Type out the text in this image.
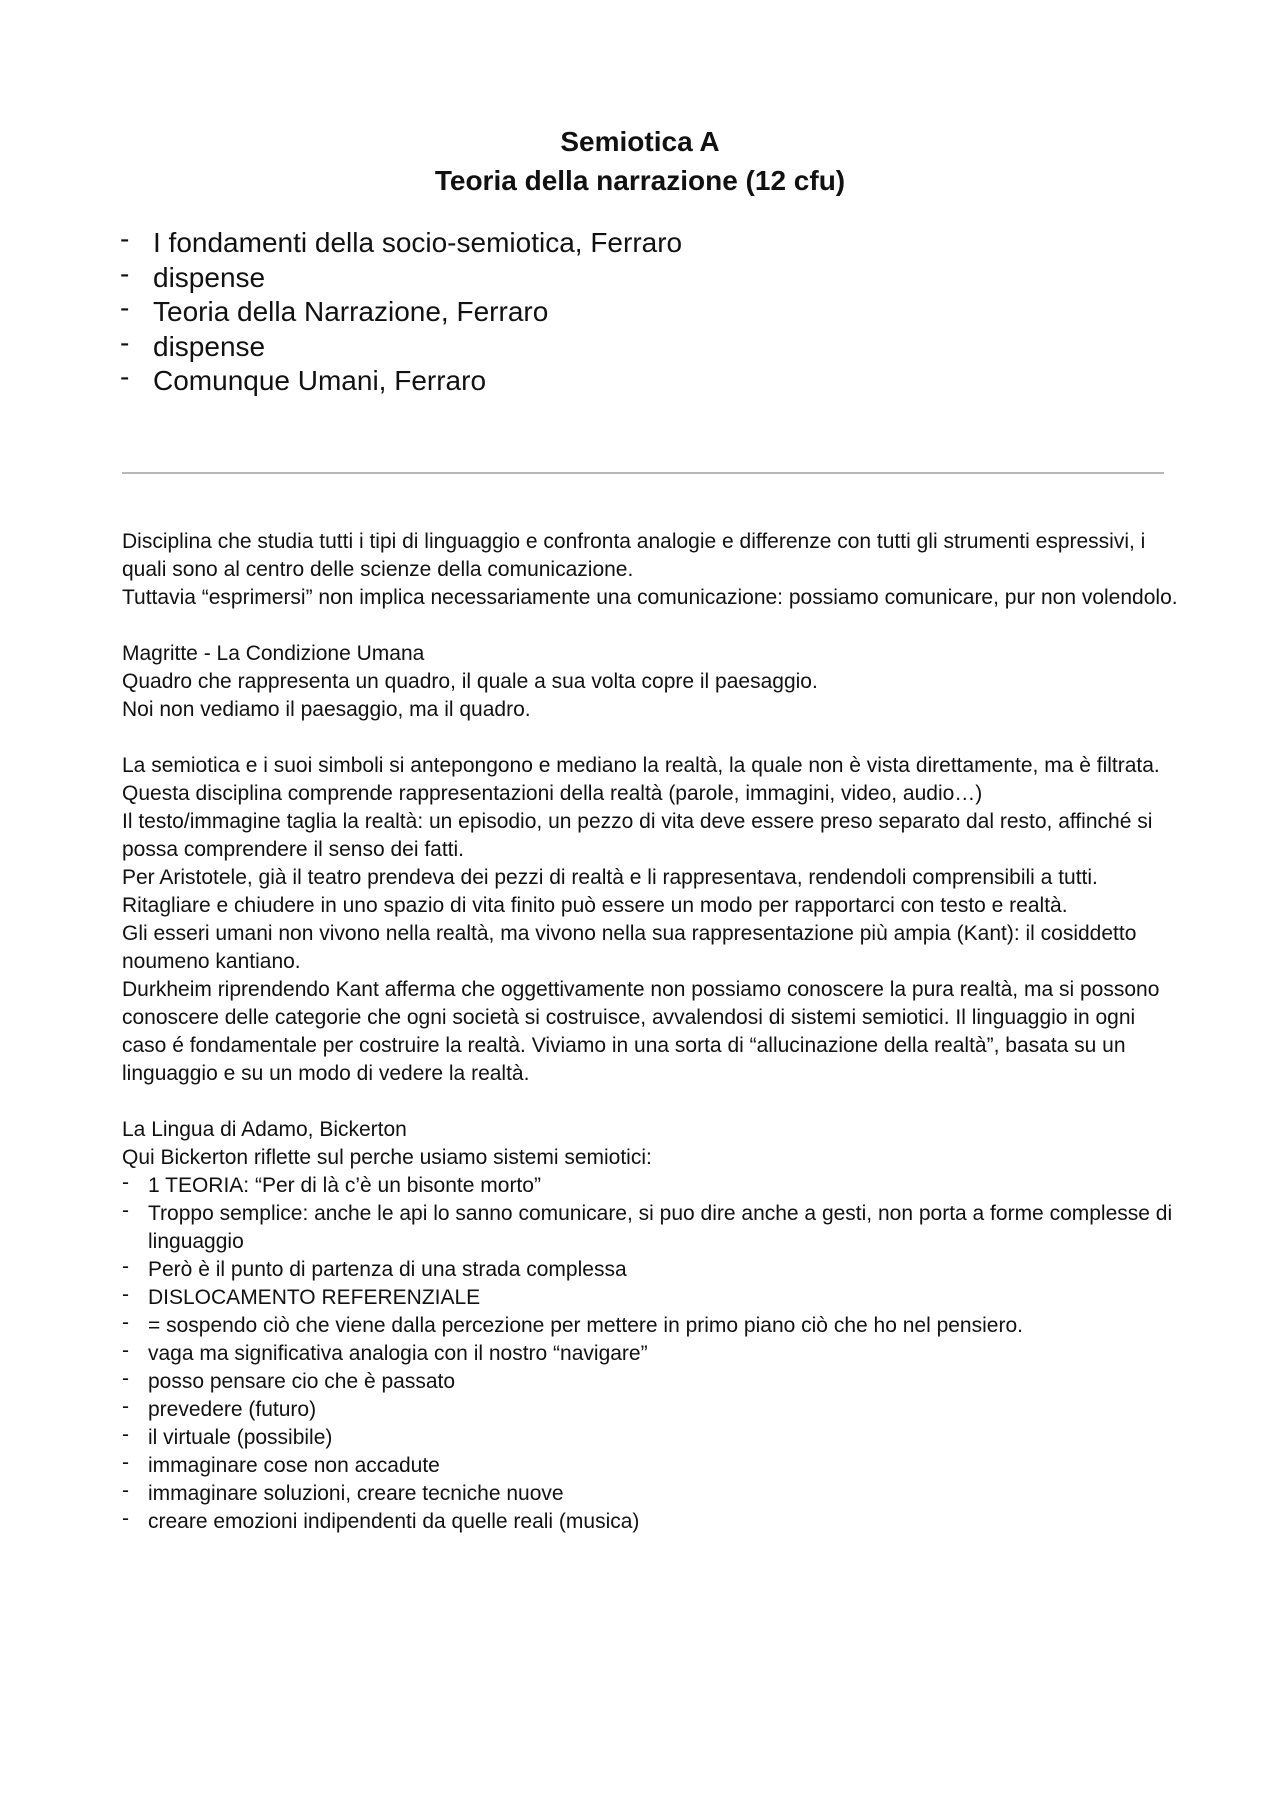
Semiotica A

Teoria della narrazione (12 cfu)

- I fondamenti della socio-semiotica, Ferraro
- dispense
- Teoria della Narrazione, Ferraro
- dispense
- Comunque Umani, Ferraro

Disciplina che studia tutti i tipi di linguaggio e confronta analogie e differenze con tutti gli strumenti espressivi, i quali sono al centro delle scienze della comunicazione.

Tuttavia “esprimersi” non implica necessariamente una comunicazione: possiamo comunicare, pur non volendolo.

Magritte - La Condizione Umana

Quadro che rappresenta un quadro, il quale a sua volta copre il paesaggio.

Noi non vediamo il paesaggio, ma il quadro.

La semiotica e i suoi simboli si antepongono e mediano la realtà, la quale non è vista direttamente, ma è filtrata. Questa disciplina comprende rappresentazioni della realtà (parole, immagini, video, audio…)

Il testo/immagine taglia la realtà: un episodio, un pezzo di vita deve essere preso separato dal resto, affinché si possa comprendere il senso dei fatti.

Per Aristotele, già il teatro prendeva dei pezzi di realtà e li rappresentava, rendendoli comprensibili a tutti. Ritagliare e chiudere in uno spazio di vita finito può essere un modo per rapportarci con testo e realtà.

Gli esseri umani non vivono nella realtà, ma vivono nella sua rappresentazione più ampia (Kant): il cosiddetto noumeno kantiano.

Durkheim riprendendo Kant afferma che oggettivamente non possiamo conoscere la pura realtà, ma si possono conoscere delle categorie che ogni società si costruisce, avvalendosi di sistemi semiotici. Il linguaggio in ogni caso é fondamentale per costruire la realtà. Viviamo in una sorta di “allucinazione della realtà”, basata su un linguaggio e su un modo di vedere la realtà.

La Lingua di Adamo, Bickerton

Qui Bickerton riflette sul perche usiamo sistemi semiotici:

- 1 TEORIA: “Per di là c’è un bisonte morto”
- Troppo semplice: anche le api lo sanno comunicare, si puo dire anche a gesti, non porta a forme complesse di linguaggio
- Però è il punto di partenza di una strada complessa
- DISLOCAMENTO REFERENZIALE
- = sospendo ciò che viene dalla percezione per mettere in primo piano ciò che ho nel pensiero.
- vaga ma significativa analogia con il nostro “navigare”
- posso pensare cio che è passato
- prevedere (futuro)
- il virtuale (possibile)
- immaginare cose non accadute
- immaginare soluzioni, creare tecniche nuove
- creare emozioni indipendenti da quelle reali (musica)
